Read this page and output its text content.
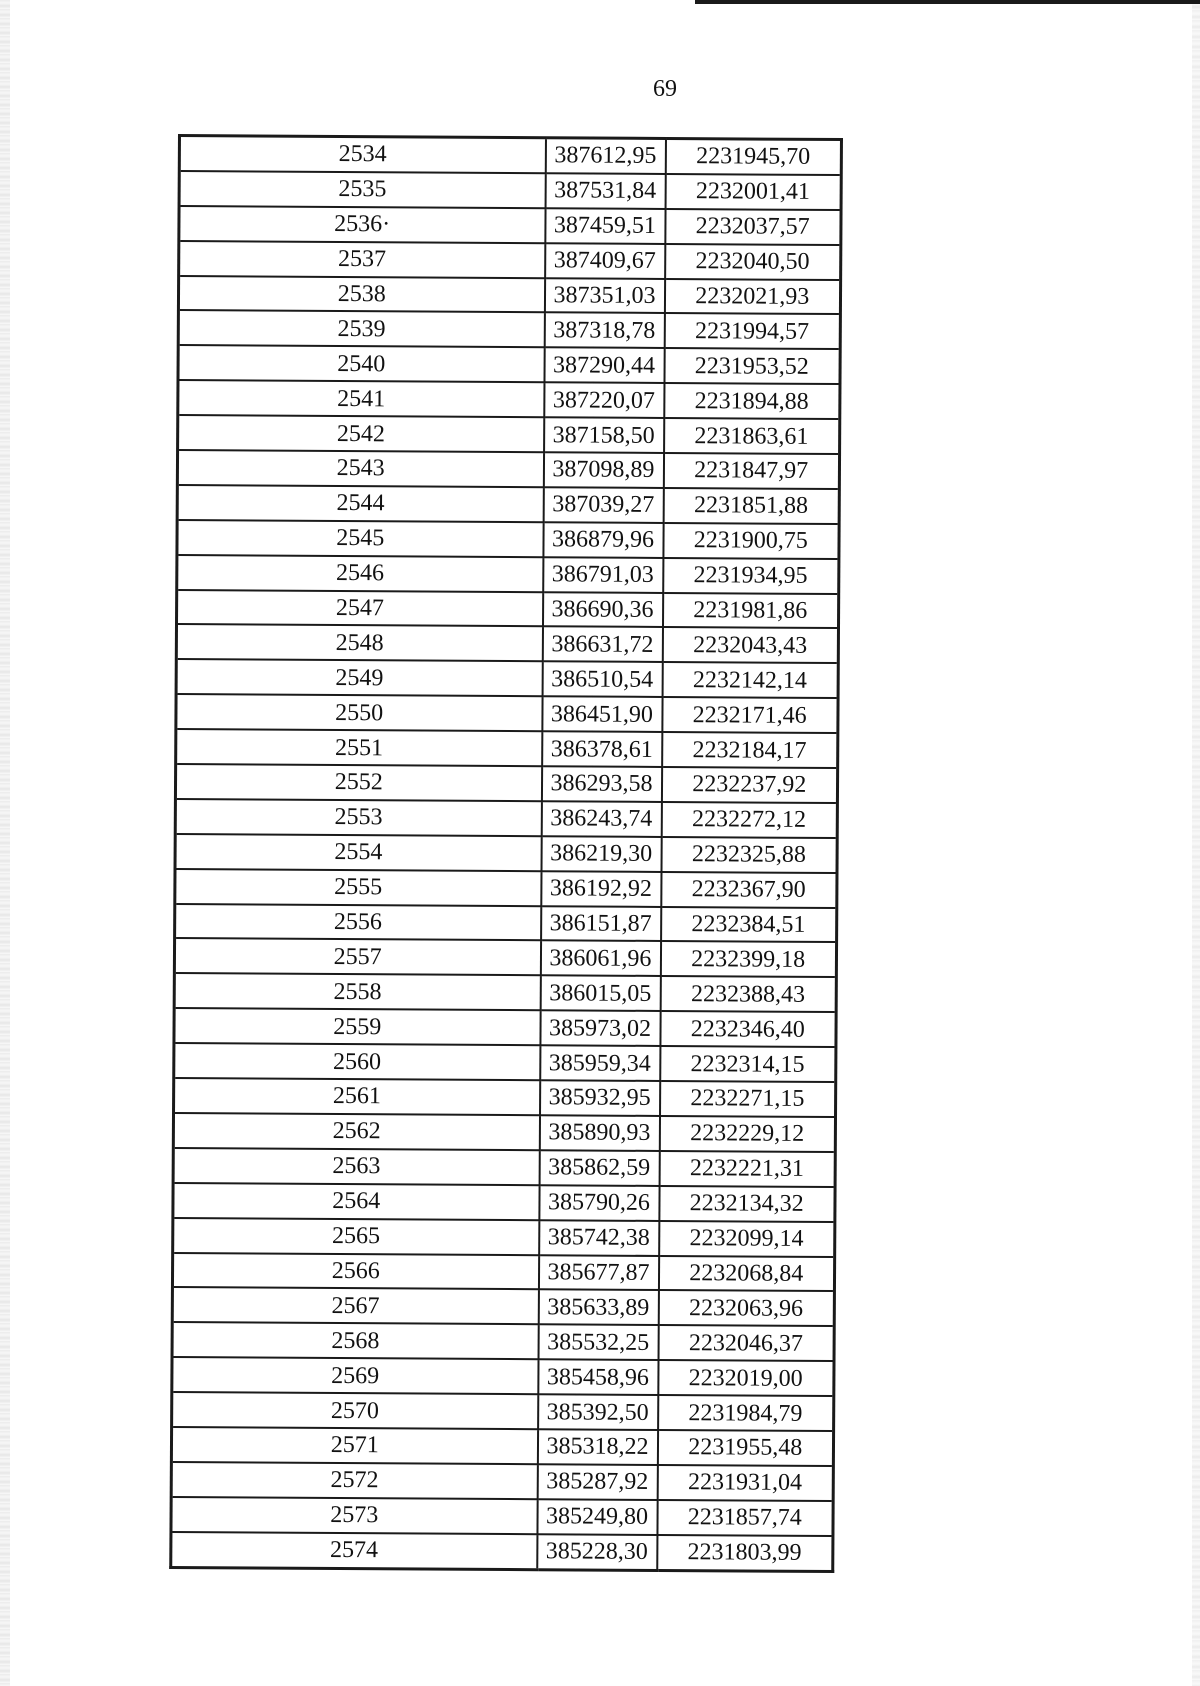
69
2534	387612,95	2231945,70
2535	387531,84	2232001,41
2536·	387459,51	2232037,57
2537	387409,67	2232040,50
2538	387351,03	2232021,93
2539	387318,78	2231994,57
2540	387290,44	2231953,52
2541	387220,07	2231894,88
2542	387158,50	2231863,61
2543	387098,89	2231847,97
2544	387039,27	2231851,88
2545	386879,96	2231900,75
2546	386791,03	2231934,95
2547	386690,36	2231981,86
2548	386631,72	2232043,43
2549	386510,54	2232142,14
2550	386451,90	2232171,46
2551	386378,61	2232184,17
2552	386293,58	2232237,92
2553	386243,74	2232272,12
2554	386219,30	2232325,88
2555	386192,92	2232367,90
2556	386151,87	2232384,51
2557	386061,96	2232399,18
2558	386015,05	2232388,43
2559	385973,02	2232346,40
2560	385959,34	2232314,15
2561	385932,95	2232271,15
2562	385890,93	2232229,12
2563	385862,59	2232221,31
2564	385790,26	2232134,32
2565	385742,38	2232099,14
2566	385677,87	2232068,84
2567	385633,89	2232063,96
2568	385532,25	2232046,37
2569	385458,96	2232019,00
2570	385392,50	2231984,79
2571	385318,22	2231955,48
2572	385287,92	2231931,04
2573	385249,80	2231857,74
2574	385228,30	2231803,99
